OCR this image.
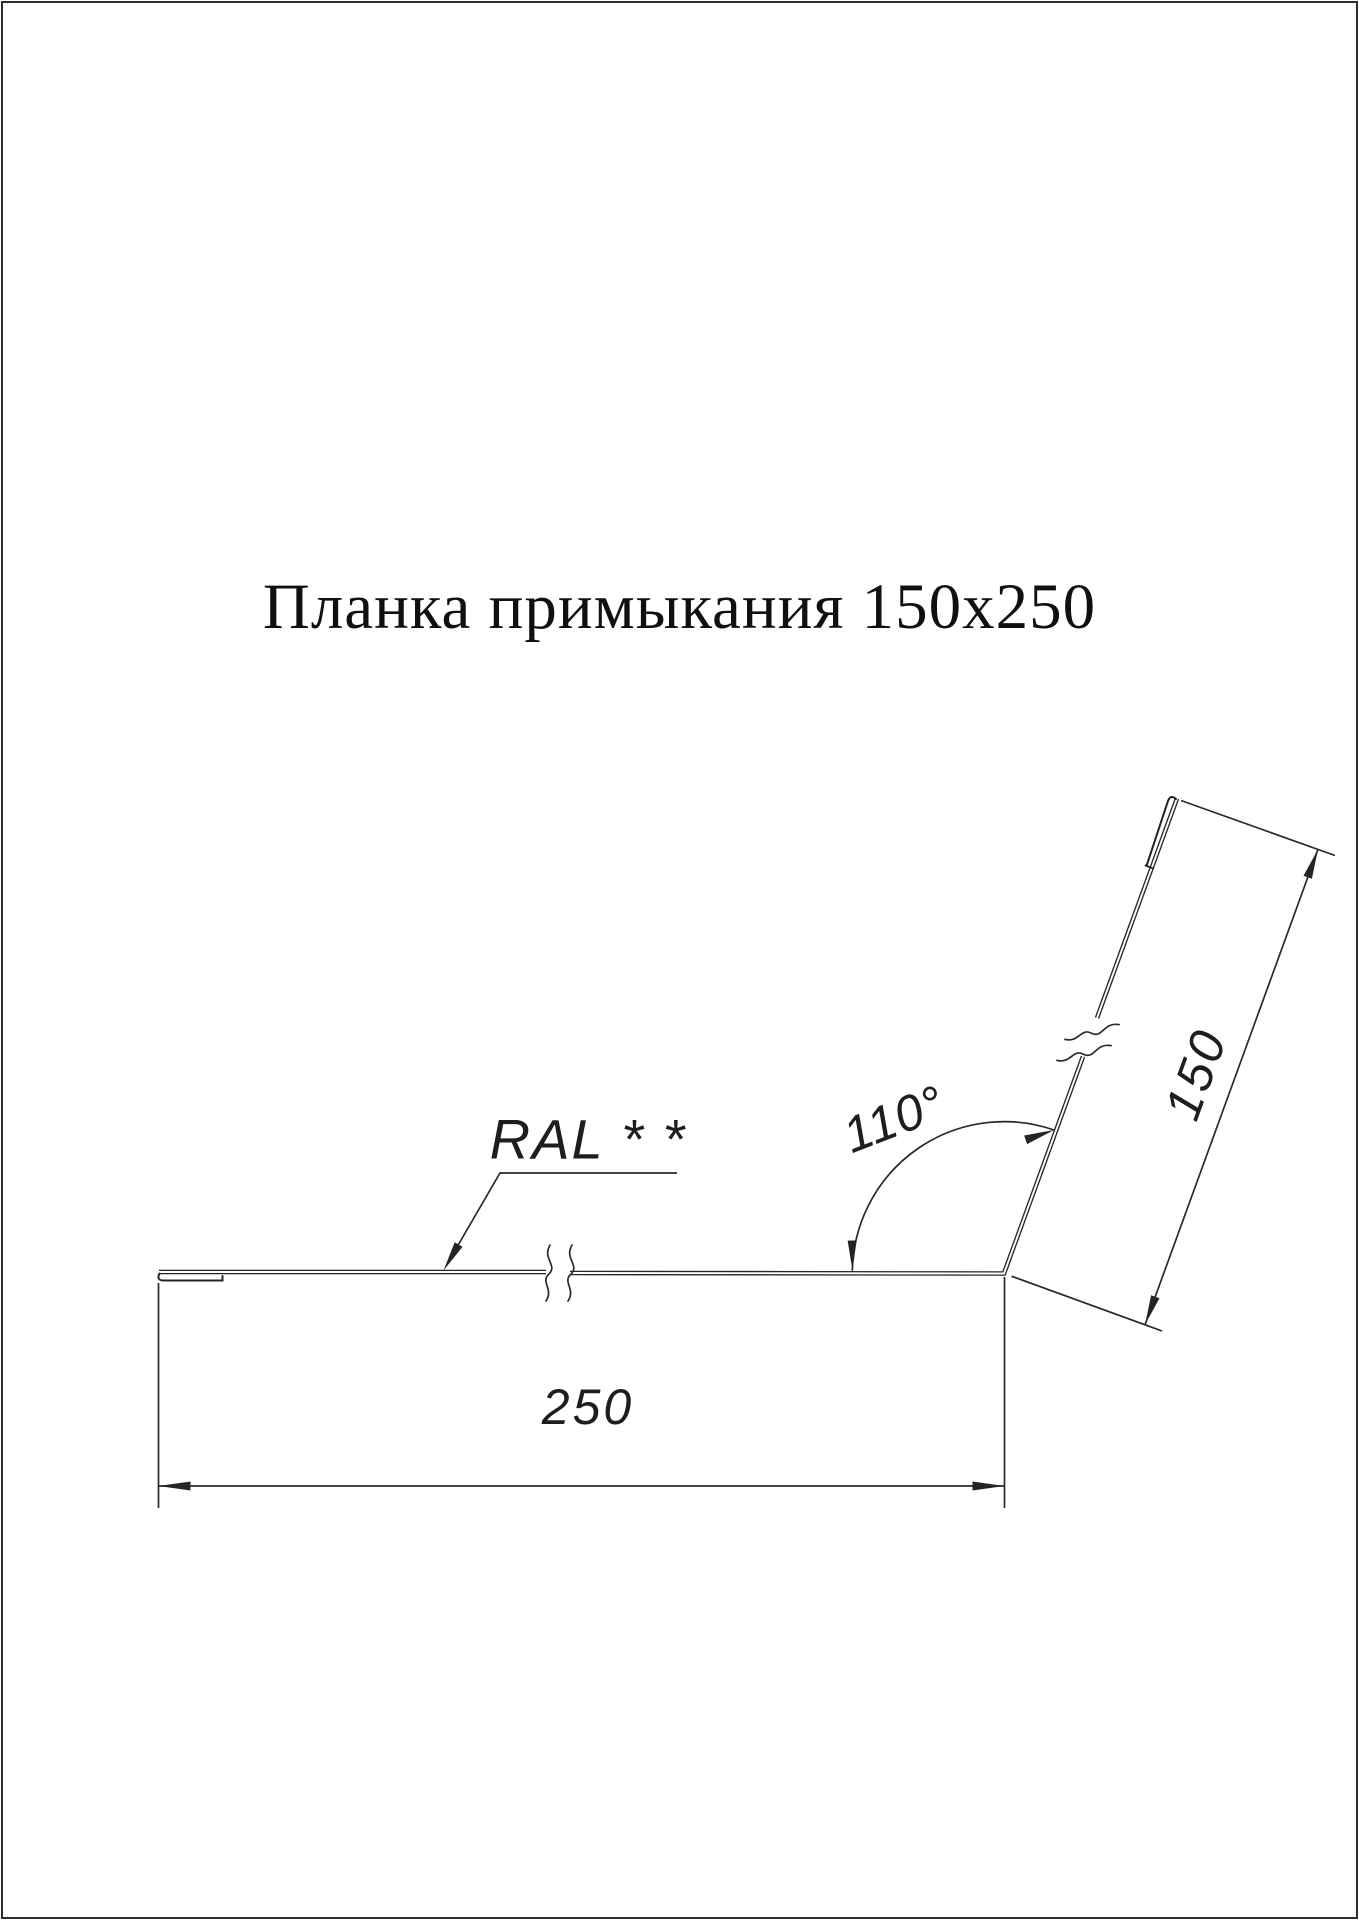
Планка примыкания 150x250
RAL * *	110°	150
250
